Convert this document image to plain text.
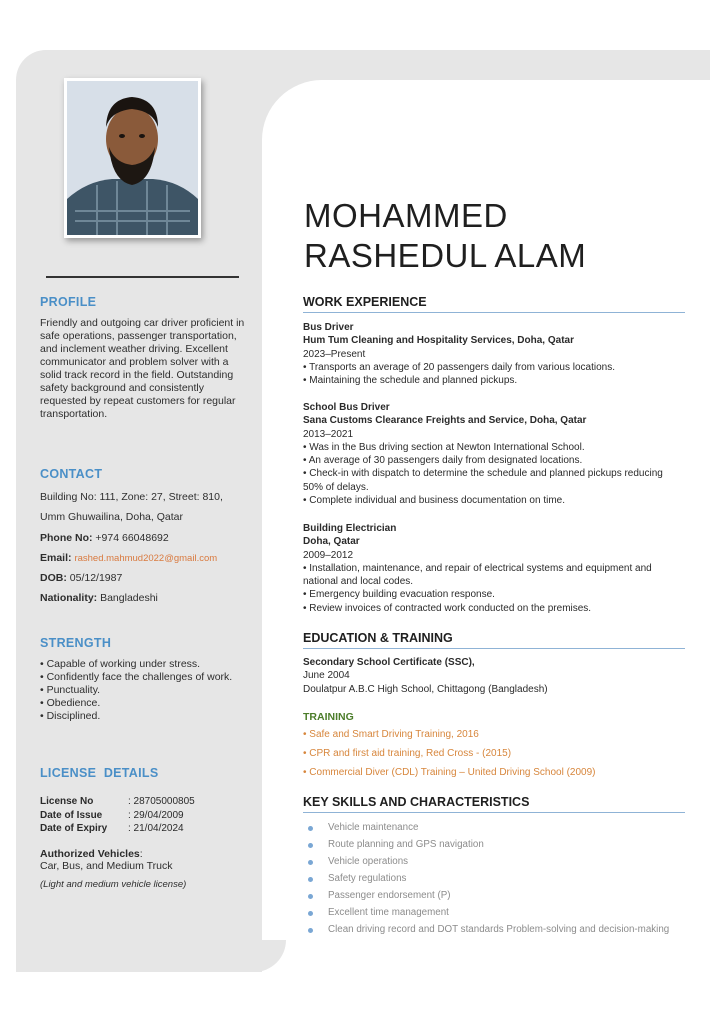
PROFILE
Friendly and outgoing car driver proficient in safe operations, passenger transportation, and inclement weather driving. Excellent communicator and problem solver with a solid track record in the field. Outstanding safety background and consistently requested by repeat customers for regular transportation.
CONTACT

Building No: 111, Zone: 27, Street: 810,

Umm Ghuwailina, Doha, Qatar

Phone No: +974 66048692

Email: rashed.mahmud2022@gmail.com

DOB: 05/12/1987

Nationality: Bangladeshi

STRENGTH
• Capable of working under stress.
• Confidently face the challenges of work.
• Punctuality.
• Obedience.
• Disciplined.
LICENSE  DETAILS
License No	: 28705000805
Date of Issue	: 29/04/2009
Date of Expiry	: 21/04/2024
Authorized Vehicles:
Car, Bus, and Medium Truck
(Light and medium vehicle license)
MOHAMMED
RASHEDUL ALAM
WORK EXPERIENCE
Bus Driver
Hum Tum Cleaning and Hospitality Services, Doha, Qatar
2023–Present
• Transports an average of 20 passengers daily from various locations.
• Maintaining the schedule and planned pickups.
School Bus Driver
Sana Customs Clearance Freights and Service, Doha, Qatar
2013–2021
• Was in the Bus driving section at Newton International School.
• An average of 30 passengers daily from designated locations.
• Check-in with dispatch to determine the schedule and planned pickups reducing 50% of delays.
• Complete individual and business documentation on time.
Building Electrician
Doha, Qatar
2009–2012
• Installation, maintenance, and repair of electrical systems and equipment and national and local codes.
• Emergency building evacuation response.
• Review invoices of contracted work conducted on the premises.
EDUCATION & TRAINING
Secondary School Certificate (SSC),
June 2004
Doulatpur A.B.C High School, Chittagong (Bangladesh)
TRAINING
• Safe and Smart Driving Training, 2016
• CPR and first aid training, Red Cross - (2015)
• Commercial Diver (CDL) Training – United Driving School (2009)
KEY SKILLS AND CHARACTERISTICS
Vehicle maintenance
Route planning and GPS navigation
Vehicle operations
Safety regulations
Passenger endorsement (P)
Excellent time management
Clean driving record and DOT standards Problem-solving and decision-making
